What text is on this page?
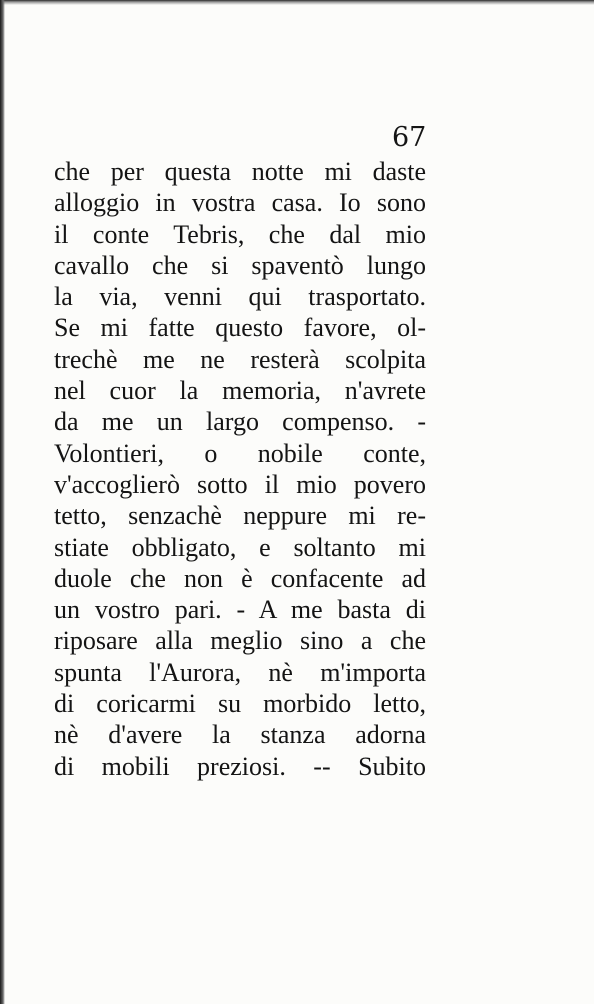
67
che per questa notte mi daste
alloggio in vostra casa. Io sono
il conte Tebris, che dal mio
cavallo che si spaventò lungo
la via, venni qui trasportato.
Se mi fatte questo favore, ol-
trechè me ne resterà scolpita
nel cuor la memoria, n'avrete
da me un largo compenso. -
Volontieri, o nobile conte,
v'accoglierò sotto il mio povero
tetto, senzachè neppure mi re-
stiate obbligato, e soltanto mi
duole che non è confacente ad
un vostro pari. - A me basta di
riposare alla meglio sino a che
spunta l'Aurora, nè m'importa
di coricarmi su morbido letto,
nè d'avere la stanza adorna
di mobili preziosi. -- Subito
